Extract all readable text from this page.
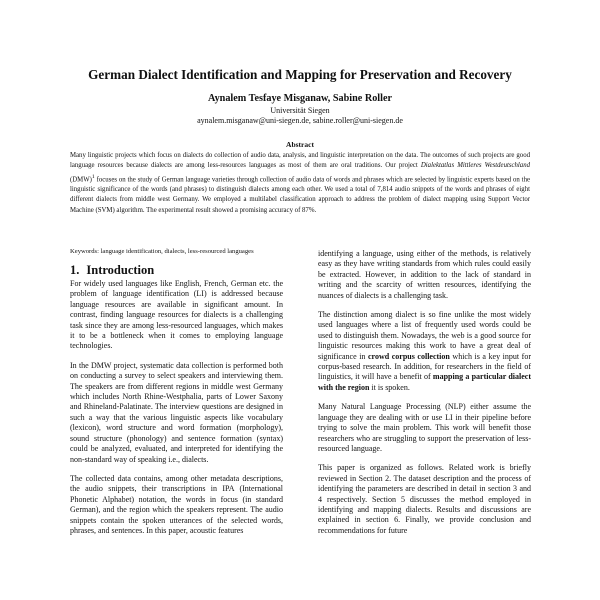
German Dialect Identification and Mapping for Preservation and Recovery
Aynalem Tesfaye Misganaw, Sabine Roller
Universität Siegen
aynalem.misganaw@uni-siegen.de, sabine.roller@uni-siegen.de
Abstract

Many linguistic projects which focus on dialects do collection of audio data, analysis, and linguistic interpretation on the data. The outcomes of such projects are good language resources because dialects are among less-resources languages as most of them are oral traditions. Our project Dialektatlas Mittleres Westdeutschland (DMW)$^1$ focuses on the study of German language varieties through collection of audio data of words and phrases which are selected by linguistic experts based on the linguistic significance of the words (and phrases) to distinguish dialects among each other. We used a total of 7,814 audio snippets of the words and phrases of eight different dialects from middle west Germany. We employed a multilabel classification approach to address the problem of dialect mapping using Support Vector Machine (SVM) algorithm. The experimental result showed a promising accuracy of 87%.

Keywords: language identification, dialects, less-resourced languages
1. Introduction

For widely used languages like English, French, German etc. the problem of language identification (LI) is addressed because language resources are available in significant amount. In contrast, finding language resources for dialects is a challenging task since they are among less-resourced languages, which makes it to be a bottleneck when it comes to employing language technologies.

In the DMW project, systematic data collection is performed both on conducting a survey to select speakers and interviewing them. The speakers are from different regions in middle west Germany which includes North Rhine-Westphalia, parts of Lower Saxony and Rhineland-Palatinate. The interview questions are designed in such a way that the various linguistic aspects like vocabulary (lexicon), word structure and word formation (morphology), sound structure (phonology) and sentence formation (syntax) could be analyzed, evaluated, and interpreted for identifying the non-standard way of speaking i.e., dialects.

The collected data contains, among other metadata descriptions, the audio snippets, their transcriptions in IPA (International Phonetic Alphabet) notation, the words in focus (in standard German), and the region which the speakers represent. The audio snippets contain the spoken utterances of the selected words, phrases, and sentences. In this paper, acoustic features

identifying a language, using either of the methods, is relatively easy as they have writing standards from which rules could easily be extracted. However, in addition to the lack of standard in writing and the scarcity of written resources, identifying the nuances of dialects is a challenging task.

The distinction among dialect is so fine unlike the most widely used languages where a list of frequently used words could be used to distinguish them. Nowadays, the web is a good source for linguistic resources making this work to have a great deal of significance in crowd corpus collection which is a key input for corpus-based research. In addition, for researchers in the field of linguistics, it will have a benefit of mapping a particular dialect with the region it is spoken.

Many Natural Language Processing (NLP) either assume the language they are dealing with or use LI in their pipeline before trying to solve the main problem. This work will benefit those researchers who are struggling to support the preservation of less-resourced language.

This paper is organized as follows. Related work is briefly reviewed in Section 2. The dataset description and the process of identifying the parameters are described in detail in section 3 and 4 respectively. Section 5 discusses the method employed in identifying and mapping dialects. Results and discussions are explained in section 6. Finally, we provide conclusion and recommendations for future
